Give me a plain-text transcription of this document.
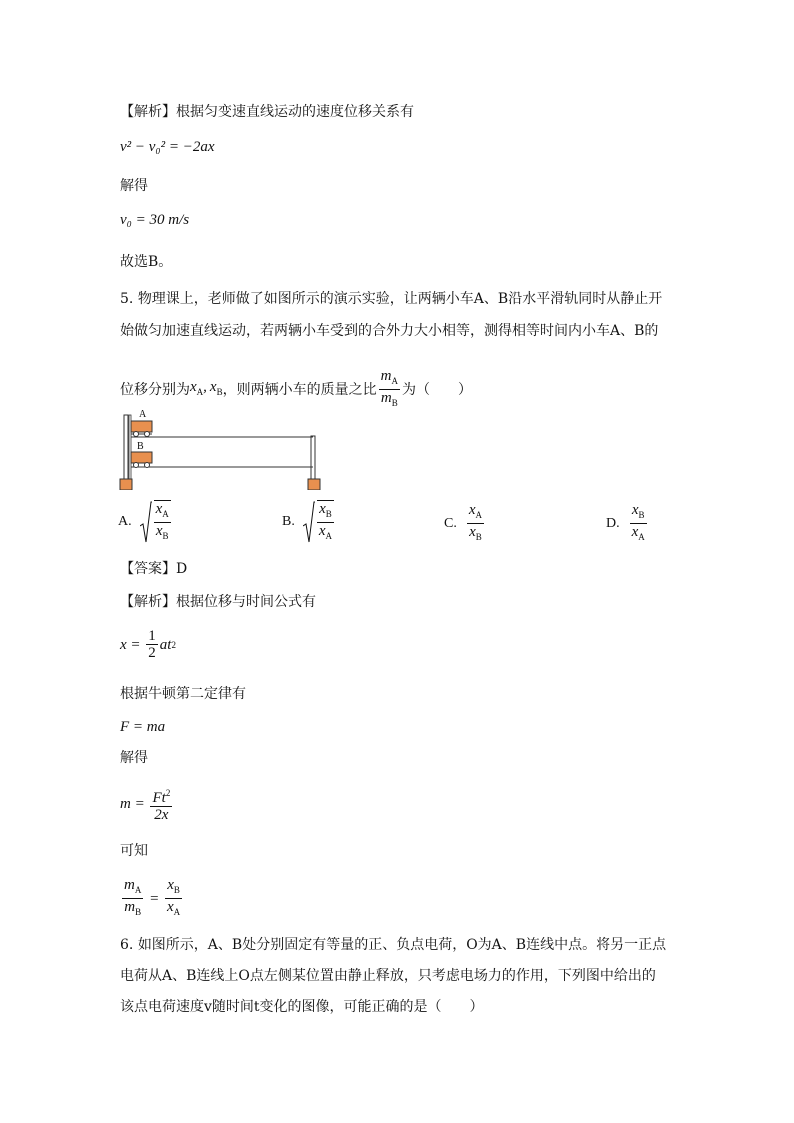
【解析】根据匀变速直线运动的速度位移关系有
v² − v₀² = −2ax
解得
v₀ = 30 m/s
故选B。
5. 物理课上，老师做了如图所示的演示实验，让两辆小车A、B沿水平滑轨同时从静止开
始做匀加速直线运动，若两辆小车受到的合外力大小相等，测得相等时间内小车A、B的
位移分别为 $x_A$, $x_B$ ，则两辆小车的质量之比 $\frac{m_A}{m_B}$ 为（　　）
A
B
A. $\frac{x_A}{x_B}$	B. $\frac{x_B}{x_A}$	C. $\frac{x_A}{x_B}$	D. $\frac{x_B}{x_A}$
【答案】D
【解析】根据位移与时间公式有
$x = \frac{1}{2}$ at 2
根据牛顿第二定律有
F = ma
解得
$m = \frac{Ft^2}{2x}$
可知
$\frac{m_A}{m_B} = \frac{x_B}{x_A}$
6. 如图所示，A、B处分别固定有等量的正、负点电荷，O为A、B连线中点。将另一正点
电荷从A、B连线上O点左侧某位置由静止释放，只考虑电场力的作用，下列图中给出的
该点电荷速度v随时间t变化的图像，可能正确的是（　　）
